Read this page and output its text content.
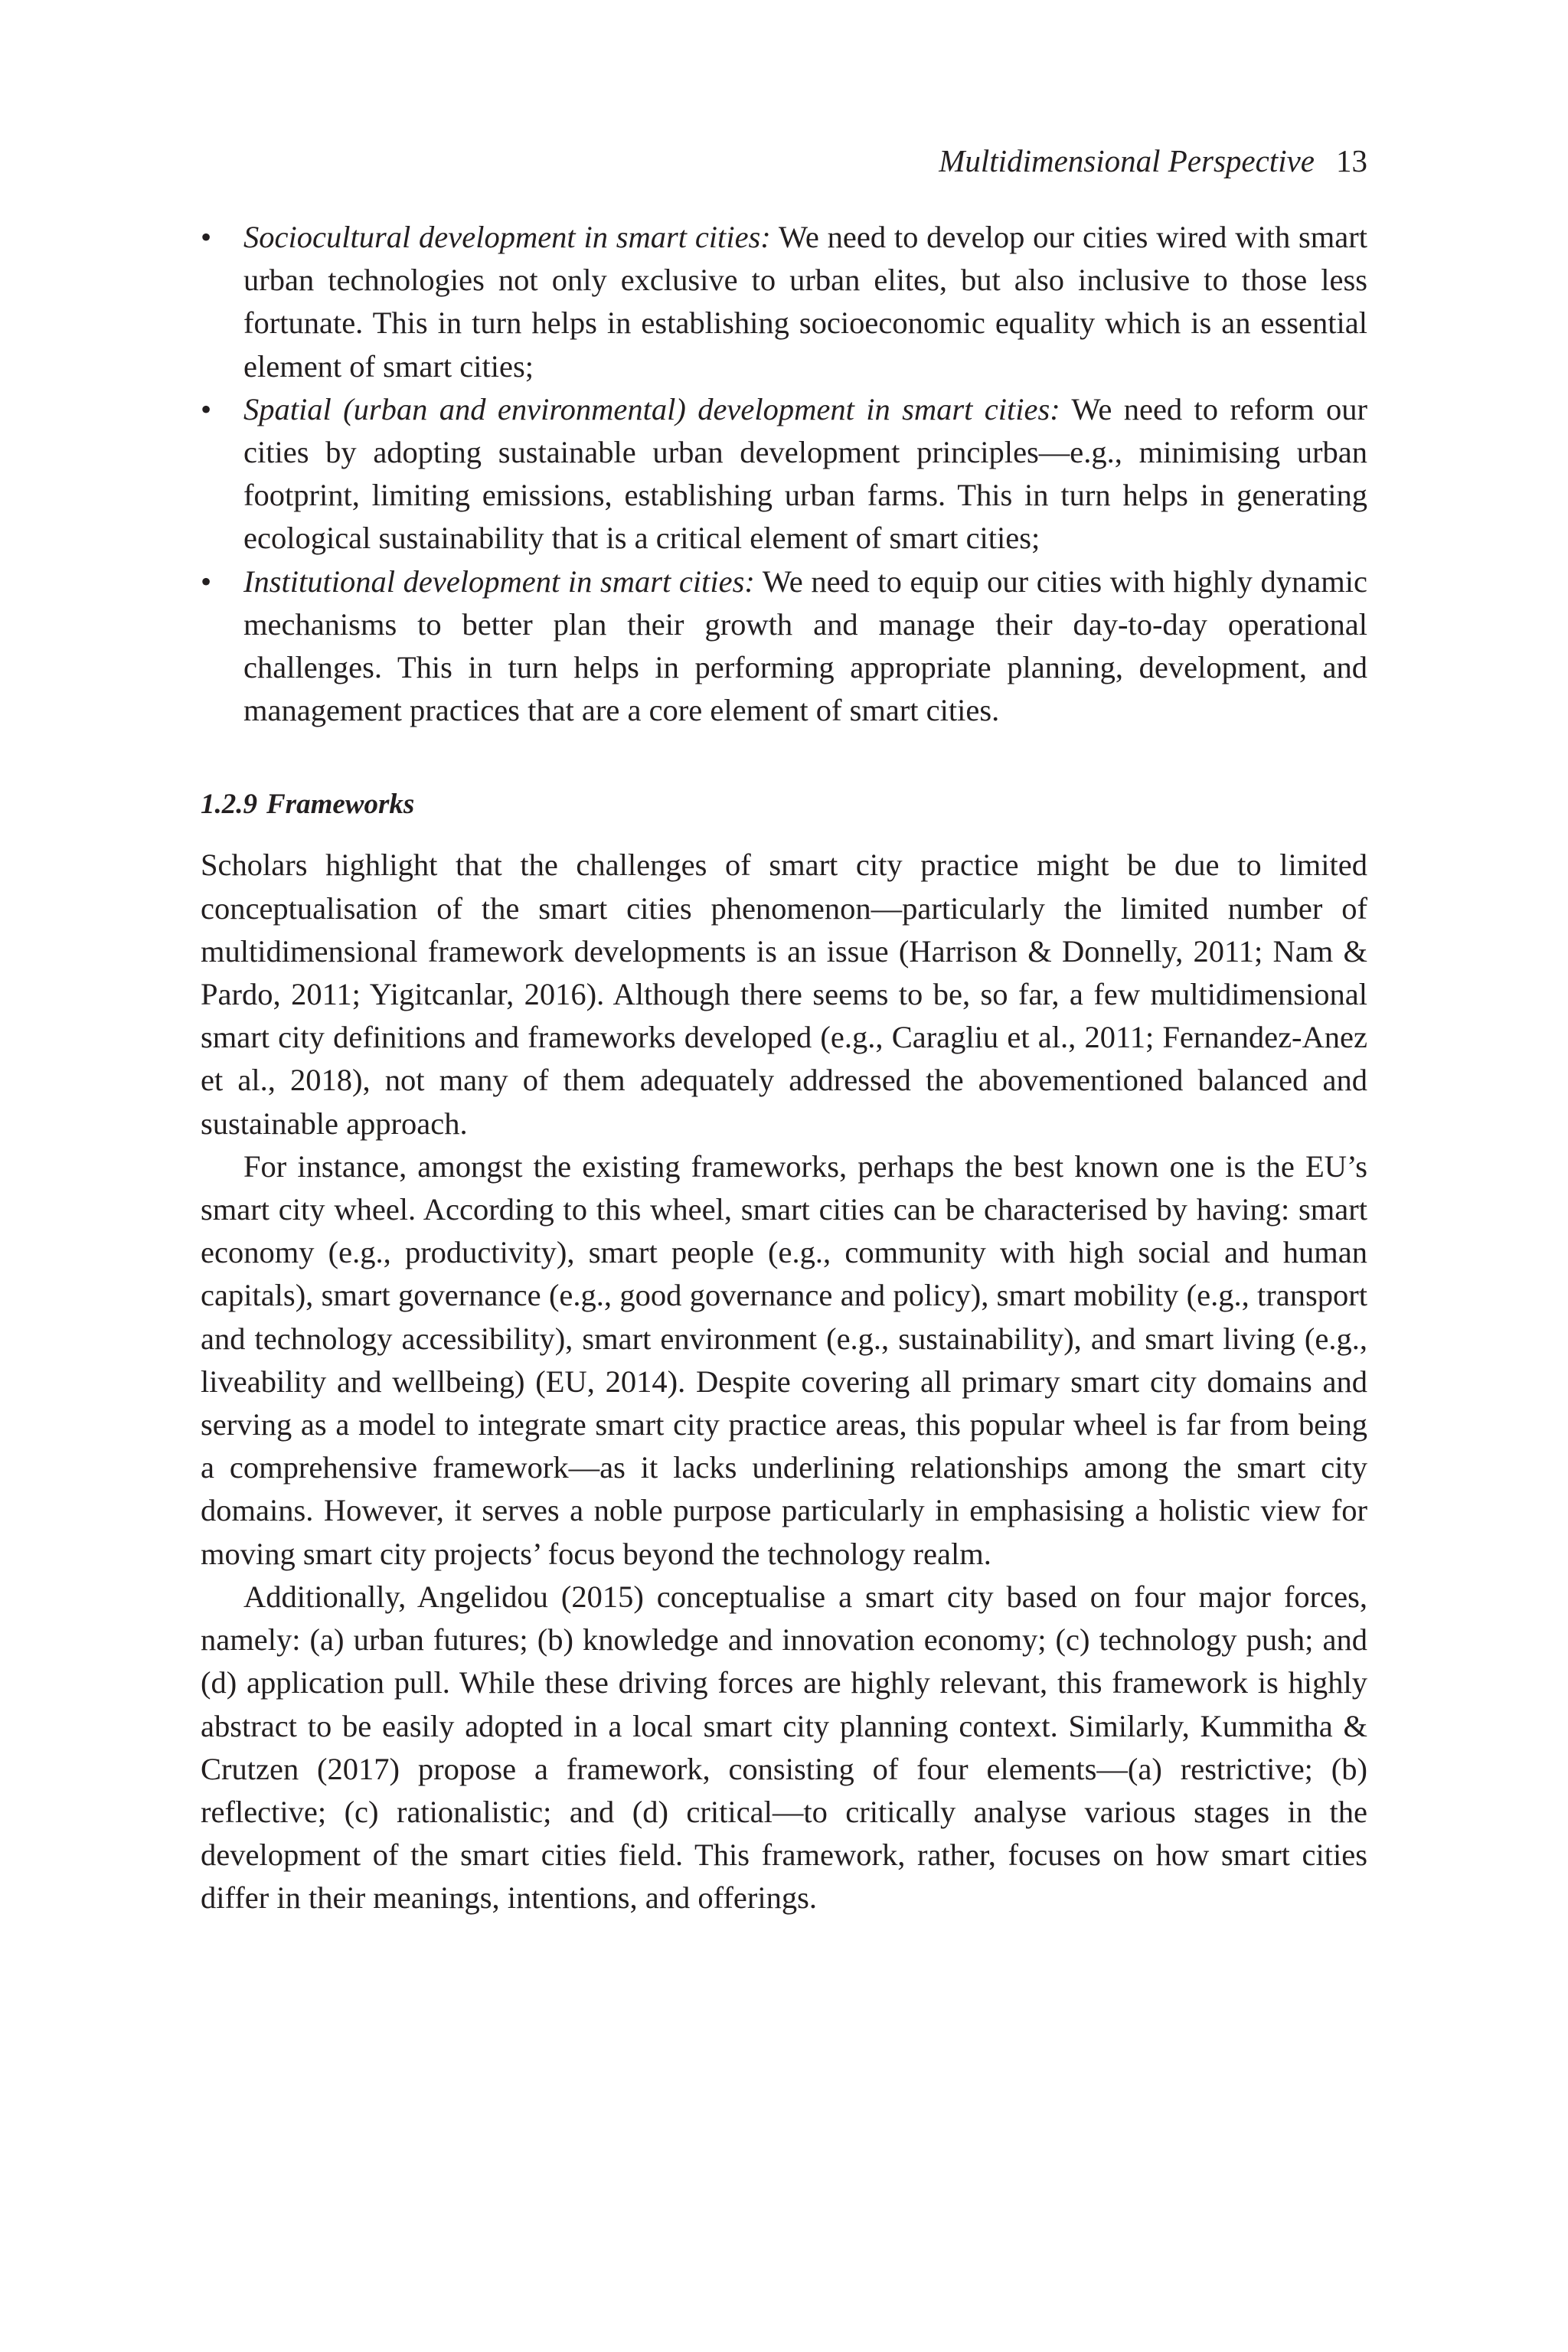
Multidimensional Perspective 13
•	Sociocultural development in smart cities: We need to develop our cities wired with smart urban technologies not only exclusive to urban elites, but also inclusive to those less fortunate. This in turn helps in establishing socioeconomic equality which is an essential element of smart cities;
•	Spatial (urban and environmental) development in smart cities: We need to reform our cities by adopting sustainable urban development principles—e.g., minimising urban footprint, limiting emissions, establishing urban farms. This in turn helps in generating ecological sustainability that is a critical element of smart cities;
•	Institutional development in smart cities: We need to equip our cities with highly dynamic mechanisms to better plan their growth and manage their day-to-day operational challenges. This in turn helps in performing appropriate planning, development, and management practices that are a core element of smart cities.
1.2.9 Frameworks

Scholars highlight that the challenges of smart city practice might be due to limited conceptualisation of the smart cities phenomenon—particularly the limited number of multidimensional framework developments is an issue (Harrison & Donnelly, 2011; Nam & Pardo, 2011; Yigitcanlar, 2016). Although there seems to be, so far, a few multidimensional smart city definitions and frameworks developed (e.g., Caragliu et al., 2011; Fernandez-Anez et al., 2018), not many of them adequately addressed the abovementioned balanced and sustainable approach.

For instance, amongst the existing frameworks, perhaps the best known one is the EU’s smart city wheel. According to this wheel, smart cities can be characterised by having: smart economy (e.g., productivity), smart people (e.g., community with high social and human capitals), smart governance (e.g., good governance and policy), smart mobility (e.g., transport and technology accessibility), smart environment (e.g., sustainability), and smart living (e.g., liveability and wellbeing) (EU, 2014). Despite covering all primary smart city domains and serving as a model to integrate smart city practice areas, this popular wheel is far from being a comprehensive framework—as it lacks underlining relationships among the smart city domains. However, it serves a noble purpose particularly in emphasising a holistic view for moving smart city projects’ focus beyond the technology realm.

Additionally, Angelidou (2015) conceptualise a smart city based on four major forces, namely: (a) urban futures; (b) knowledge and innovation economy; (c) technology push; and (d) application pull. While these driving forces are highly relevant, this framework is highly abstract to be easily adopted in a local smart city planning context. Similarly, Kummitha & Crutzen (2017) propose a framework, consisting of four elements—(a) restrictive; (b) reflective; (c) rationalistic; and (d) critical—to critically analyse various stages in the development of the smart cities field. This framework, rather, focuses on how smart cities differ in their meanings, intentions, and offerings.
